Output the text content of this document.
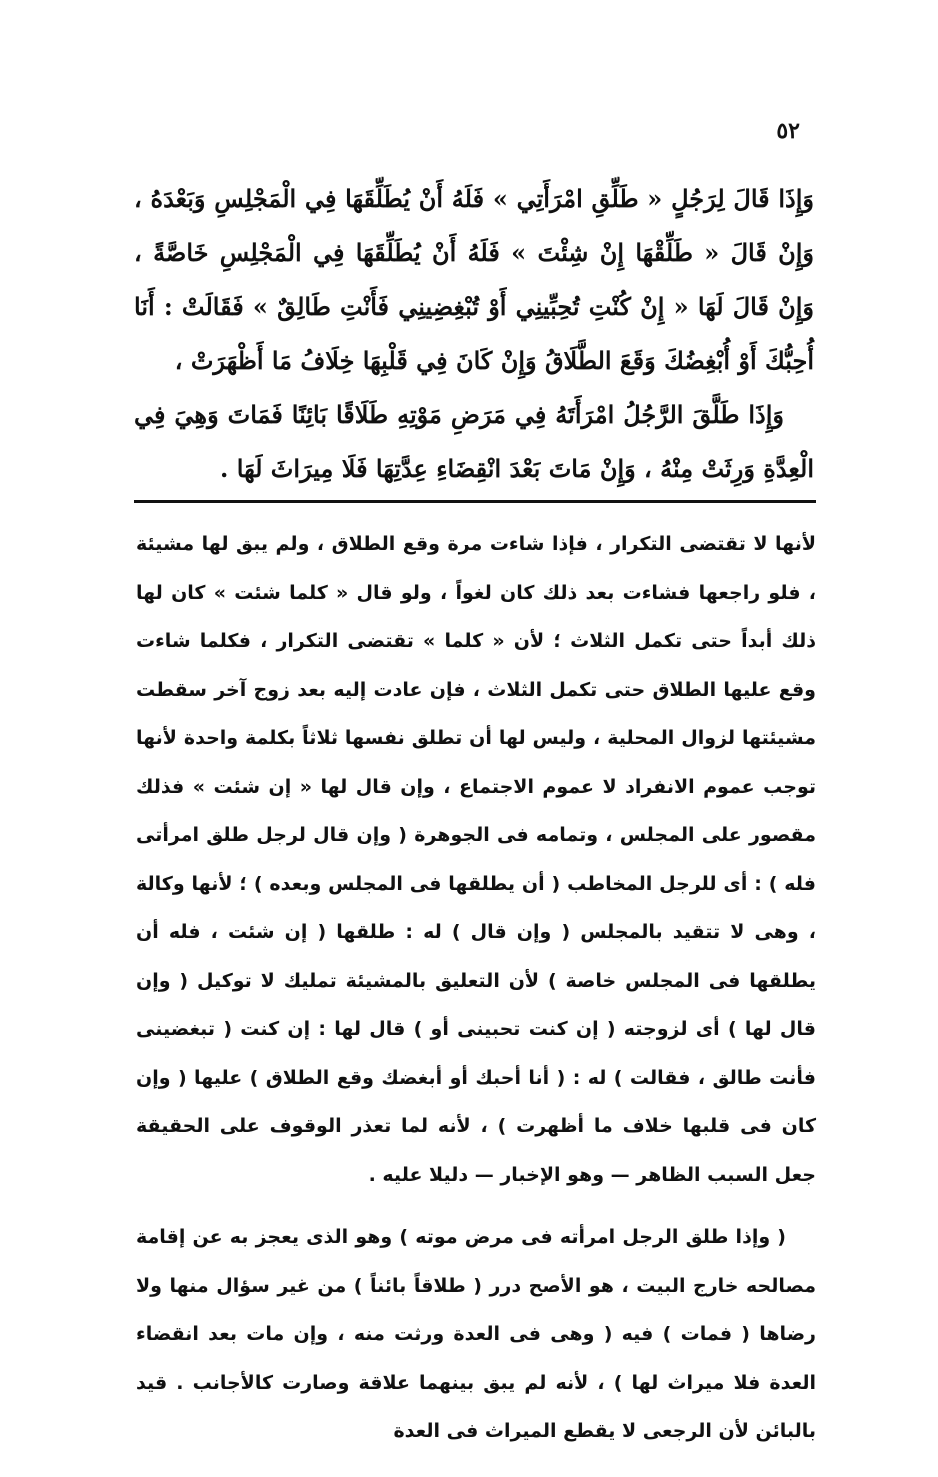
٥٢

وَإِذَا قَالَ لِرَجُلٍ « طَلِّقِ امْرَأَتِي » فَلَهُ أَنْ يُطَلِّقَهَا فِي الْمَجْلِسِ وَبَعْدَهُ ، وَإِنْ قَالَ « طَلِّقْهَا إِنْ شِئْتَ » فَلَهُ أَنْ يُطَلِّقَهَا فِي الْمَجْلِسِ خَاصَّةً ، وَإِنْ قَالَ لَهَا « إِنْ كُنْتِ تُحِبِّينِي أَوْ تُبْغِضِينِي فَأَنْتِ طَالِقٌ » فَقَالَتْ : أَنَا أُحِبُّكَ أَوْ أُبْغِضُكَ وَقَعَ الطَّلَاقُ وَإِنْ كَانَ فِي قَلْبِهَا خِلَافُ مَا أَظْهَرَتْ ،

وَإِذَا طَلَّقَ الرَّجُلُ امْرَأَتَهُ فِي مَرَضِ مَوْتِهِ طَلَاقًا بَائِنًا فَمَاتَ وَهِيَ فِي الْعِدَّةِ وَرِثَتْ مِنْهُ ، وَإِنْ مَاتَ بَعْدَ انْقِضَاءِ عِدَّتِهَا فَلَا مِيرَاثَ لَهَا .

لأنها لا تقتضى التكرار ، فإذا شاءت مرة وقع الطلاق ، ولم يبق لها مشيئة ، فلو راجعها فشاءت بعد ذلك كان لغواً ، ولو قال « كلما شئت » كان لها ذلك أبداً حتى تكمل الثلاث ؛ لأن « كلما » تقتضى التكرار ، فكلما شاءت وقع عليها الطلاق حتى تكمل الثلاث ، فإن عادت إليه بعد زوج آخر سقطت مشيئتها لزوال المحلية ، وليس لها أن تطلق نفسها ثلاثاً بكلمة واحدة لأنها توجب عموم الانفراد لا عموم الاجتماع ، وإن قال لها « إن شئت » فذلك مقصور على المجلس ، وتمامه فى الجوهرة ( وإن قال لرجل طلق امرأتى فله ) : أى للرجل المخاطب ( أن يطلقها فى المجلس وبعده ) ؛ لأنها وكالة ، وهى لا تتقيد بالمجلس ( وإن قال ) له : طلقها ( إن شئت ، فله أن يطلقها فى المجلس خاصة ) لأن التعليق بالمشيئة تمليك لا توكيل ( وإن قال لها ) أى لزوجته ( إن كنت تحبينى أو ) قال لها : إن كنت ( تبغضينى فأنت طالق ، فقالت ) له : ( أنا أحبك أو أبغضك وقع الطلاق ) عليها ( وإن كان فى قلبها خلاف ما أظهرت ) ، لأنه لما تعذر الوقوف على الحقيقة جعل السبب الظاهر — وهو الإخبار — دليلا عليه .

( وإذا طلق الرجل امرأته فى مرض موته ) وهو الذى يعجز به عن إقامة مصالحه خارج البيت ، هو الأصح درر ( طلاقاً بائناً ) من غير سؤال منها ولا رضاها ( فمات ) فيه ( وهى فى العدة ورثت منه ، وإن مات بعد انقضاء العدة فلا ميراث لها ) ، لأنه لم يبق بينهما علاقة وصارت كالأجانب . قيد بالبائن لأن الرجعى لا يقطع الميراث فى العدة
